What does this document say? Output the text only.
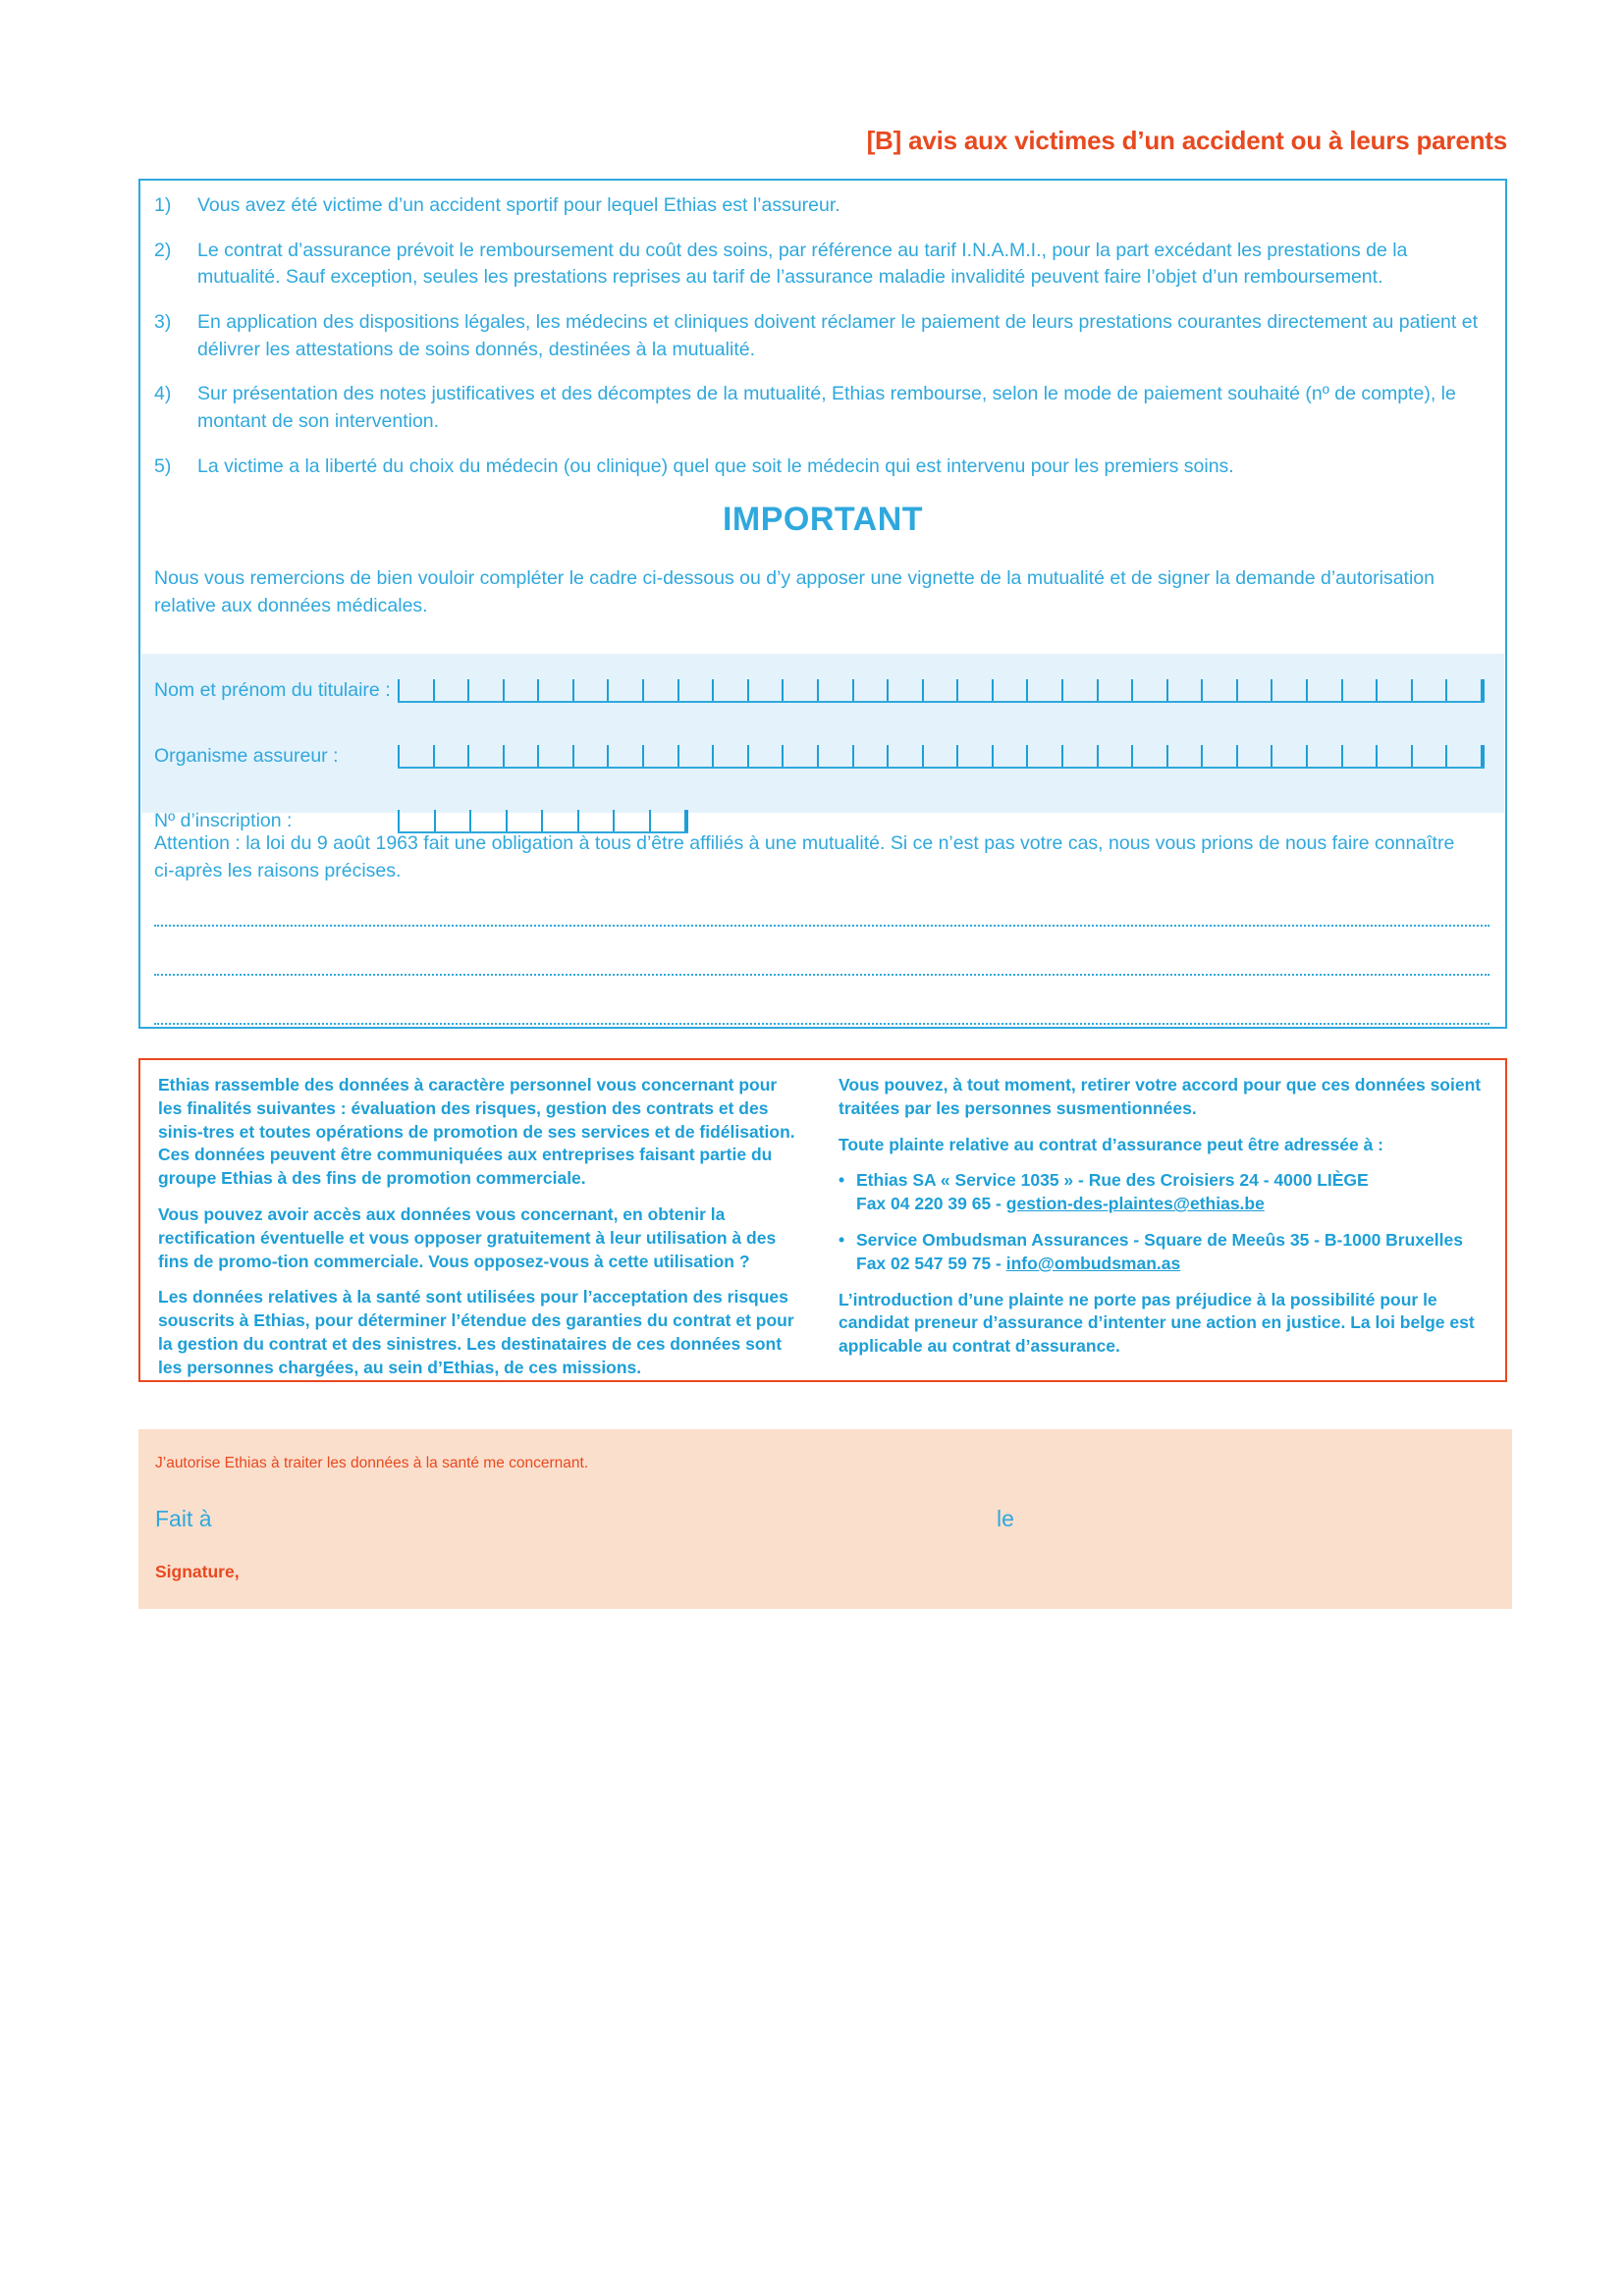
[B] avis aux victimes d’un accident ou à leurs parents
1)	Vous avez été victime d’un accident sportif pour lequel Ethias est l’assureur.
2)	Le contrat d’assurance prévoit le remboursement du coût des soins, par référence au tarif I.N.A.M.I., pour la part excédant les prestations de la mutualité. Sauf exception, seules les prestations reprises au tarif de l’assurance maladie invalidité peuvent faire l’objet d’un remboursement.
3)	En application des dispositions légales, les médecins et cliniques doivent réclamer le paiement de leurs prestations courantes directement au patient et délivrer les attestations de soins donnés, destinées à la mutualité.
4)	Sur présentation des notes justificatives et des décomptes de la mutualité, Ethias rembourse, selon le mode de paiement souhaité (nº de compte), le montant de son intervention.
5)	La victime a la liberté du choix du médecin (ou clinique) quel que soit le médecin qui est intervenu pour les premiers soins.
IMPORTANT
Nous vous remercions de bien vouloir compléter le cadre ci-dessous ou d’y apposer une vignette de la mutualité et de signer la demande d’autorisation relative aux données médicales.
Nom et prénom du titulaire :
Organisme assureur :
Nº d’inscription :
Attention : la loi du 9 août 1963 fait une obligation à tous d’être affiliés à une mutualité. Si ce n’est pas votre cas, nous vous prions de nous faire connaître ci-après les raisons précises.

Ethias rassemble des données à caractère personnel vous concernant pour les finalités suivantes : évaluation des risques, gestion des contrats et des sinis-tres et toutes opérations de promotion de ses services et de fidélisation. Ces données peuvent être communiquées aux entreprises faisant partie du groupe Ethias à des fins de promotion commerciale.

Vous pouvez avoir accès aux données vous concernant, en obtenir la rectification éventuelle et vous opposer gratuitement à leur utilisation à des fins de promo-tion commerciale. Vous opposez-vous à cette utilisation ?

Les données relatives à la santé sont utilisées pour l’acceptation des risques souscrits à Ethias, pour déterminer l’étendue des garanties du contrat et pour la gestion du contrat et des sinistres. Les destinataires de ces données sont les personnes chargées, au sein d’Ethias, de ces missions.

Vous pouvez, à tout moment, retirer votre accord pour que ces données soient traitées par les personnes susmentionnées.

Toute plainte relative au contrat d’assurance peut être adressée à :

• Ethias SA « Service 1035 » - Rue des Croisiers 24 - 4000 LIÈGE
Fax 04 220 39 65 - gestion-des-plaintes@ethias.be
• Service Ombudsman Assurances - Square de Meeûs 35 - B-1000 Bruxelles
Fax 02 547 59 75 - info@ombudsman.as

L’introduction d’une plainte ne porte pas préjudice à la possibilité pour le candidat preneur d’assurance d’intenter une action en justice. La loi belge est applicable au contrat d’assurance.

J’autorise Ethias à traiter les données à la santé me concernant.
Fait à	le
Signature,
